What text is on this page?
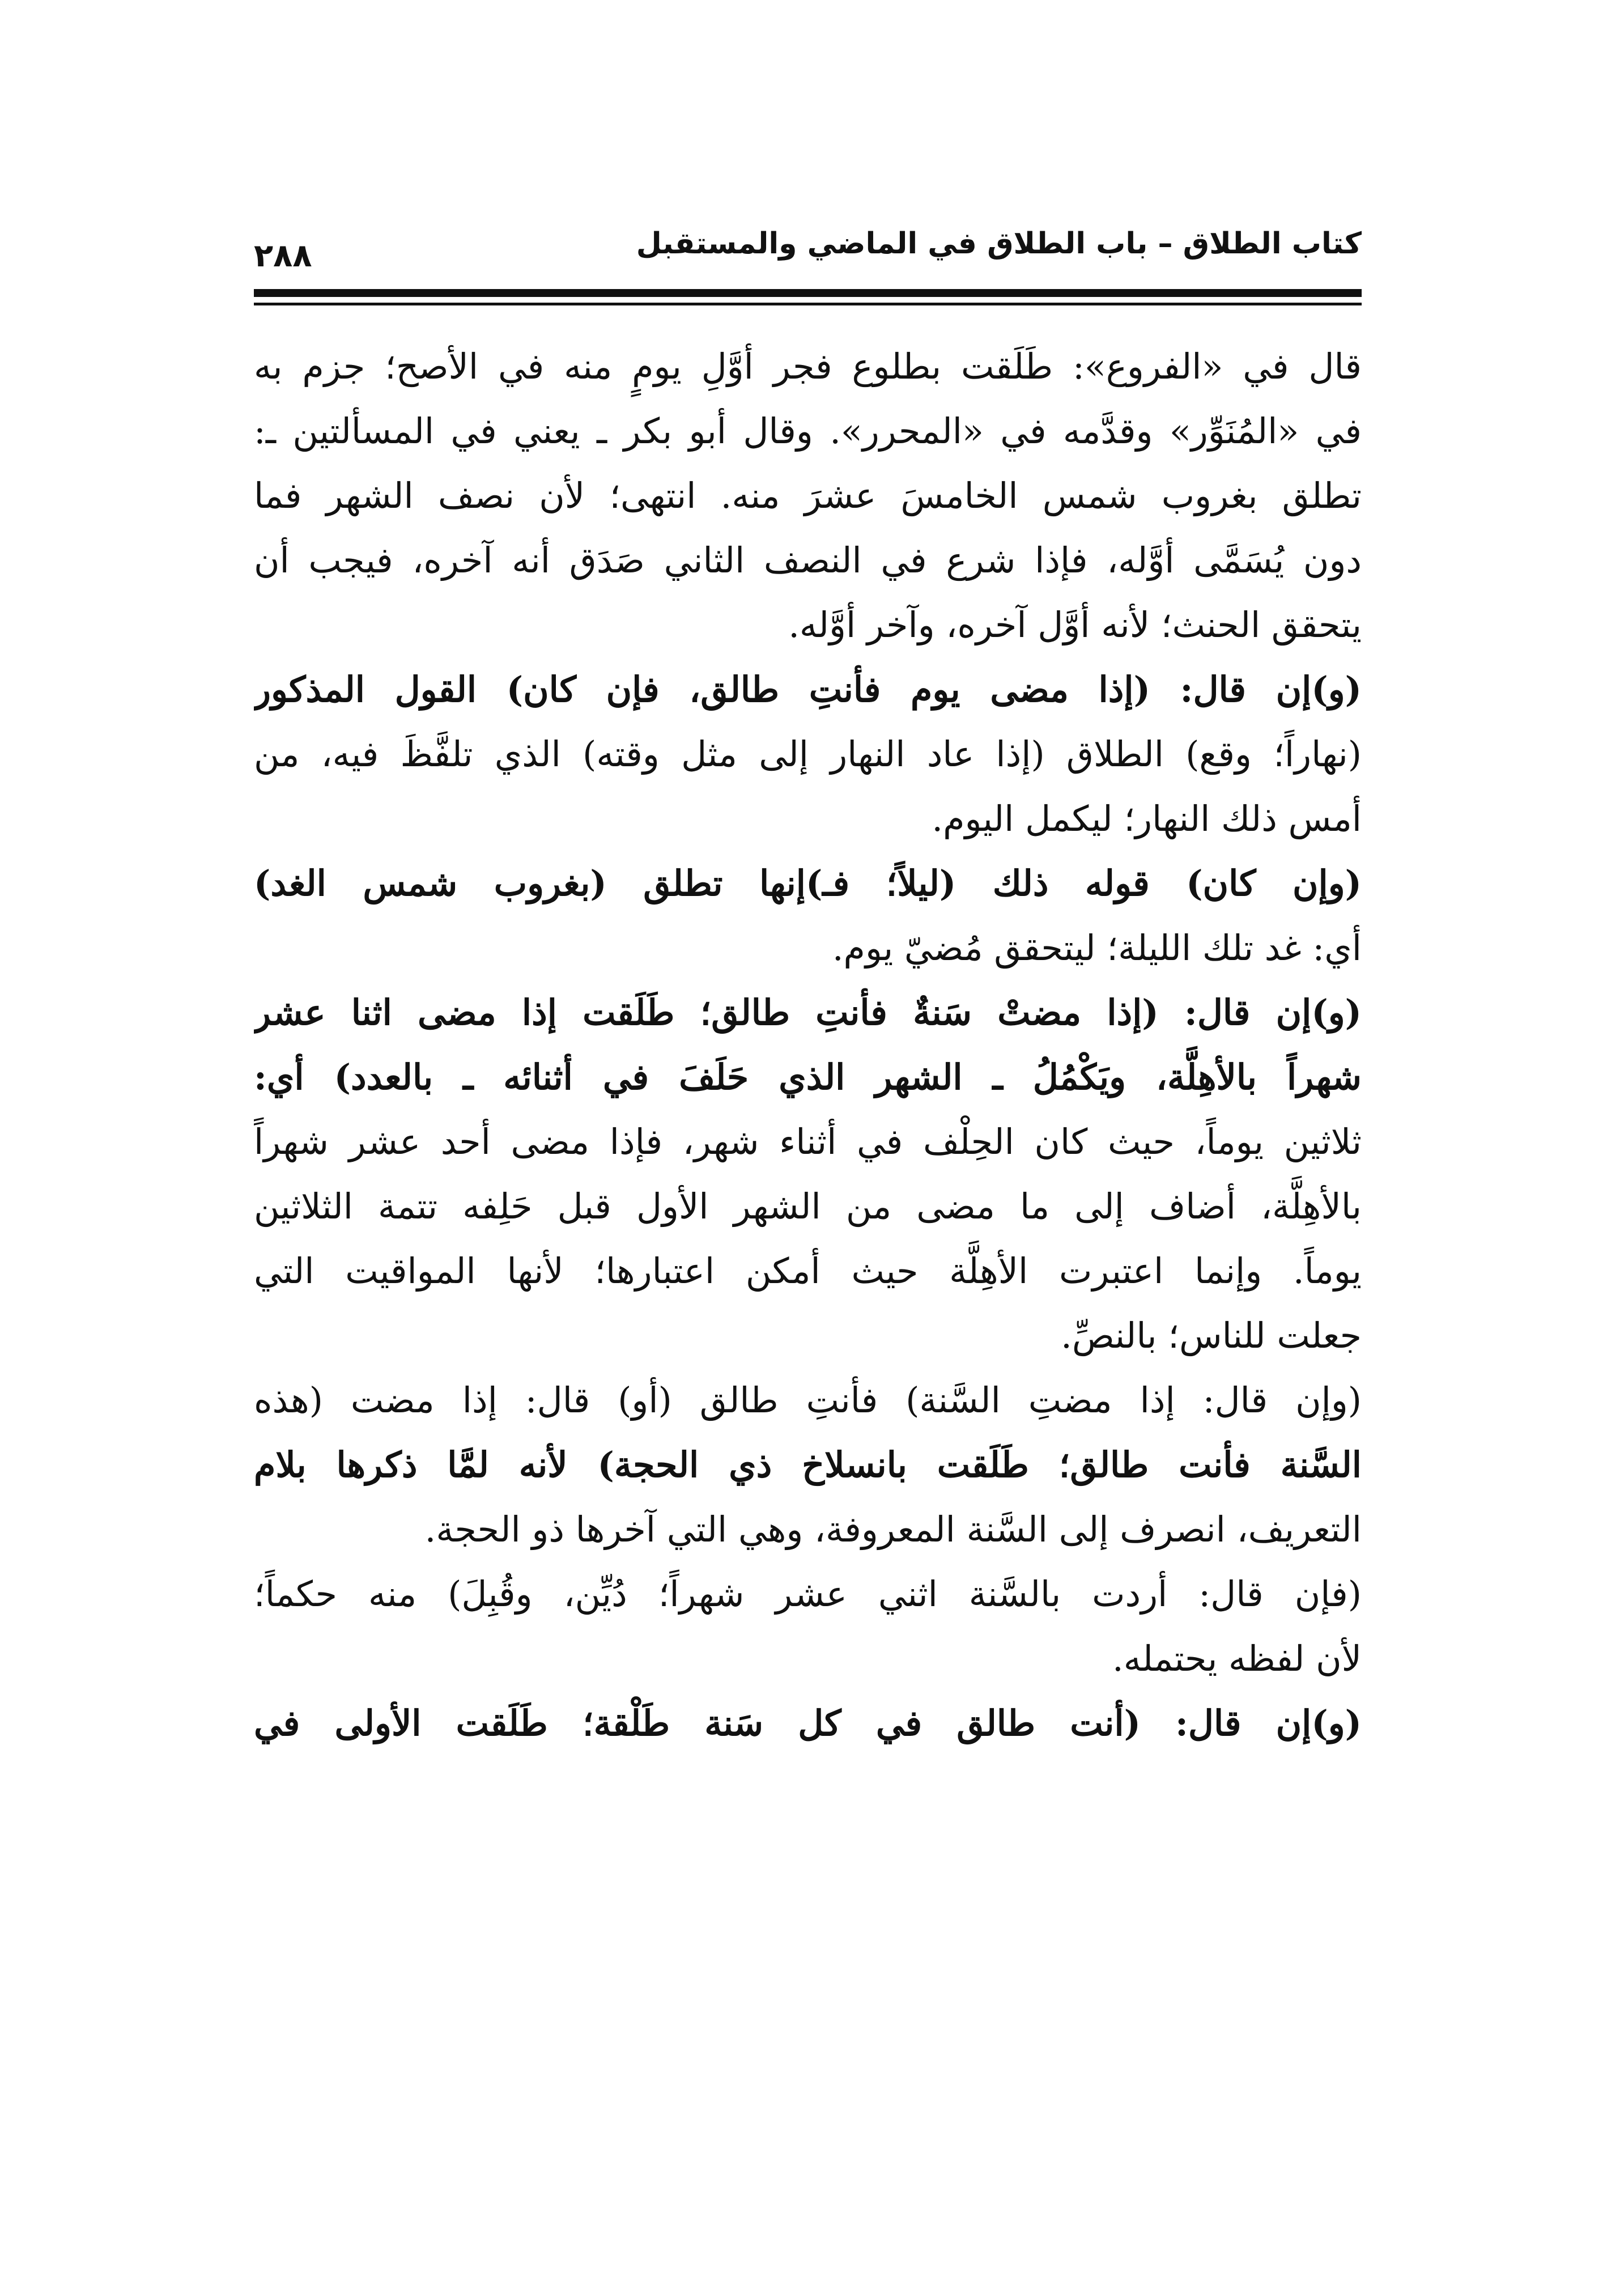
كتاب الطلاق – باب الطلاق في الماضي والمستقبل
٢٨٨
قال في «الفروع»: طَلَقت بطلوع فجر أوَّلِ يومٍ منه في الأصح؛ جزم به
في «المُنَوِّر» وقدَّمه في «المحرر». وقال أبو بكر ـ يعني في المسألتين ـ:
تطلق بغروب شمس الخامسَ عشرَ منه. انتهى؛ لأن نصف الشهر فما
دون يُسَمَّى أوَّله، فإذا شرع في النصف الثاني صَدَق أنه آخره، فيجب أن
يتحقق الحنث؛ لأنه أوَّل آخره، وآخر أوَّله.
(و)إن قال: (إذا مضى يوم فأنتِ طالق، فإن كان) القول المذكور
(نهاراً؛ وقع) الطلاق (إذا عاد النهار إلى مثل وقته) الذي تلفَّظَ فيه، من
أمس ذلك النهار؛ ليكمل اليوم.
(وإن كان) قوله ذلك (ليلاً؛ فـ)إنها تطلق (بغروب شمس الغد)
أي: غد تلك الليلة؛ ليتحقق مُضيّ يوم.
(و)إن قال: (إذا مضتْ سَنةٌ فأنتِ طالق؛ طَلَقت إذا مضى اثنا عشر
شهراً بالأهِلَّة، ويَكْمُلُ ـ الشهر الذي حَلَفَ في أثنائه ـ بالعدد) أي:
ثلاثين يوماً، حيث كان الحِلْف في أثناء شهر، فإذا مضى أحد عشر شهراً
بالأهِلَّة، أضاف إلى ما مضى من الشهر الأول قبل حَلِفه تتمة الثلاثين
يوماً. وإنما اعتبرت الأهِلَّة حيث أمكن اعتبارها؛ لأنها المواقيت التي
جعلت للناس؛ بالنصِّ.
(وإن قال: إذا مضتِ السَّنة) فأنتِ طالق (أو) قال: إذا مضت (هذه
السَّنة فأنت طالق؛ طَلَقت بانسلاخ ذي الحجة) لأنه لمَّا ذكرها بلام
التعريف، انصرف إلى السَّنة المعروفة، وهي التي آخرها ذو الحجة.
(فإن قال: أردت بالسَّنة اثني عشر شهراً؛ دُيِّن، وقُبِلَ) منه حكماً؛
لأن لفظه يحتمله.
(و)إن قال: (أنت طالق في كل سَنة طَلْقة؛ طَلَقت الأولى في
